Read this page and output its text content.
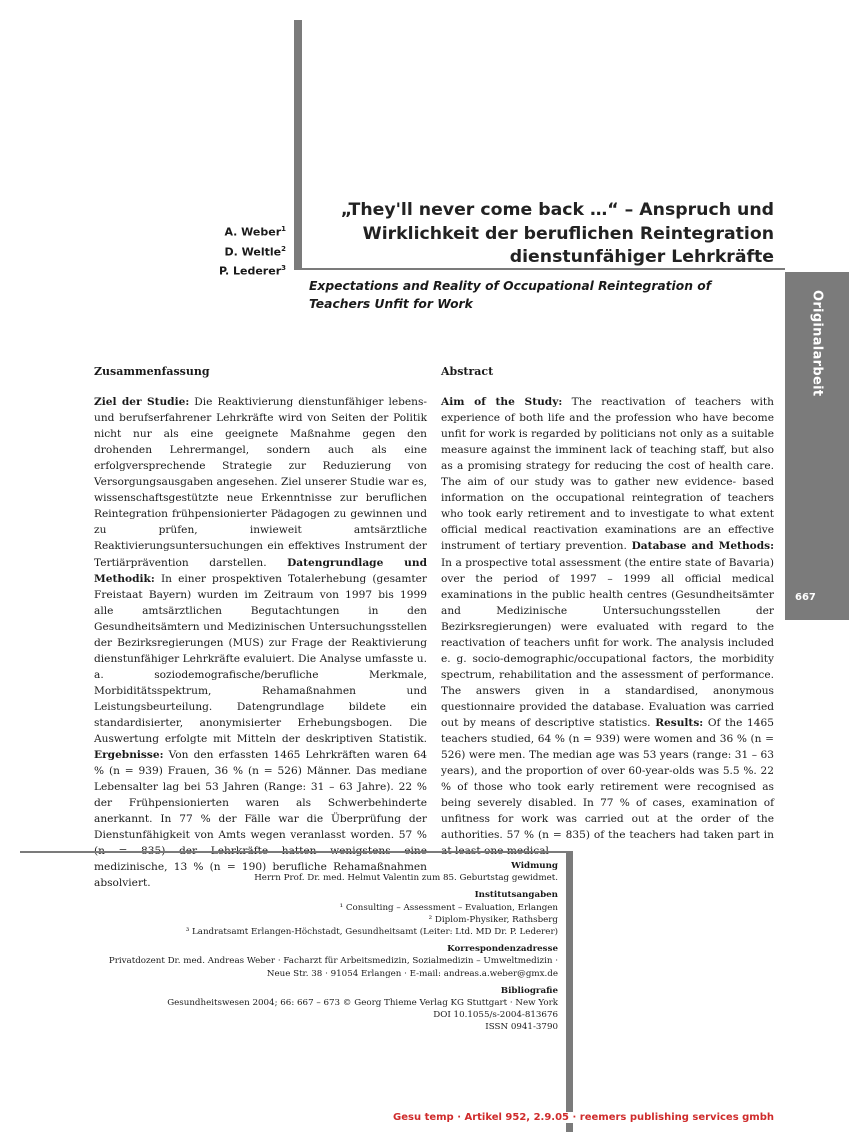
Originalarbeit
667
A. Weber$^1$
D. Weltle$^2$
P. Lederer$^3$
„They'll never come back …“ – Anspruch und
Wirklichkeit der beruflichen Reintegration
dienstunfähiger Lehrkräfte
Expectations and Reality of Occupational Reintegration of Teachers Unfit for Work
Zusammenfassung

Ziel der Studie: Die Reaktivierung dienstunfähiger lebens- und berufserfahrener Lehrkräfte wird von Seiten der Politik nicht nur als eine geeignete Maßnahme gegen den drohenden Lehrermangel, sondern auch als eine erfolgversprechende Strategie zur Reduzierung von Versorgungsausgaben angesehen. Ziel unserer Studie war es, wissenschaftsgestützte neue Erkenntnisse zur beruflichen Reintegration frühpensionierter Pädagogen zu gewinnen und zu prüfen, inwieweit amtsärztliche Reaktivierungsuntersuchungen ein effektives Instrument der Tertiärprävention darstellen. Datengrundlage und Methodik: In einer prospektiven Totalerhebung (gesamter Freistaat Bayern) wurden im Zeitraum von 1997 bis 1999 alle amtsärztlichen Begutachtungen in den Gesundheitsämtern und Medizinischen Untersuchungsstellen der Bezirksregierungen (MUS) zur Frage der Reaktivierung dienstunfähiger Lehrkräfte evaluiert. Die Analyse umfasste u. a. soziodemografische/berufliche Merkmale, Morbiditätsspektrum, Rehamaßnahmen und Leistungsbeurteilung. Datengrundlage bildete ein standardisierter, anonymisierter Erhebungsbogen. Die Auswertung erfolgte mit Mitteln der deskriptiven Statistik. Ergebnisse: Von den erfassten 1465 Lehrkräften waren 64 % (n = 939) Frauen, 36 % (n = 526) Männer. Das mediane Lebensalter lag bei 53 Jahren (Range: 31 – 63 Jahre). 22 % der Frühpensionierten waren als Schwerbehinderte anerkannt. In 77 % der Fälle war die Überprüfung der Dienstunfähigkeit von Amts wegen veranlasst worden. 57 % medizinische, 13 % (n = 190) berufliche Rehamaßnahmen absolviert.

Abstract

Aim of the Study: The reactivation of teachers with experience of both life and the profession who have become unfit for work is regarded by politicians not only as a suitable measure against the imminent lack of teaching staff, but also as a promising strategy for reducing the cost of health care. The aim of our study was to gather new evidence- based information on the occupational reintegration of teachers who took early retirement and to investigate to what extent official medical reactivation examinations are an effective instrument of tertiary prevention. Database and Methods: In a prospective total assessment (the entire state of Bavaria) over the period of 1997 – 1999 all official medical examinations in the public health centres (Gesundheitsämter and Medizinische Untersuchungsstellen der Bezirksregierungen) were evaluated with regard to the reactivation of teachers unfit for work. The analysis included e. g. socio-demographic/occupational factors, the morbidity spectrum, rehabilitation and the assessment of performance. The answers given in a standardised, anonymous questionnaire provided the database. Evaluation was carried out by means of descriptive statistics. Results: Of the 1465 teachers studied, 64 % (n = 939) were women and 36 % (n = 526) were men. The median age was 53 years (range: 31 – 63 years), and the proportion of over 60-year-olds was 5.5 %. 22 % of those who took early retirement were recognised as being severely disabled. In 77 % of cases, examination of unfitness for work was carried out at the order of the authorities. 57 % (n = 835) of the teachers had taken part in

Widmung
Herrn Prof. Dr. med. Helmut Valentin zum 85. Geburtstag gewidmet.
Institutsangaben
¹ Consulting – Assessment – Evaluation, Erlangen
² Diplom-Physiker, Rathsberg
³ Landratsamt Erlangen-Höchstadt, Gesundheitsamt (Leiter: Ltd. MD Dr. P. Lederer)
Korrespondenzadresse
Privatdozent Dr. med. Andreas Weber · Facharzt für Arbeitsmedizin, Sozialmedizin – Umweltmedizin ·
Neue Str. 38 · 91054 Erlangen · E-mail: andreas.a.weber@gmx.de
Bibliografie
Gesundheitswesen 2004; 66: 667 – 673 © Georg Thieme Verlag KG Stuttgart · New York
DOI 10.1055/s-2004-813676
ISSN 0941-3790
Gesu temp · Artikel 952, 2.9.05 · reemers publishing services gmbh
